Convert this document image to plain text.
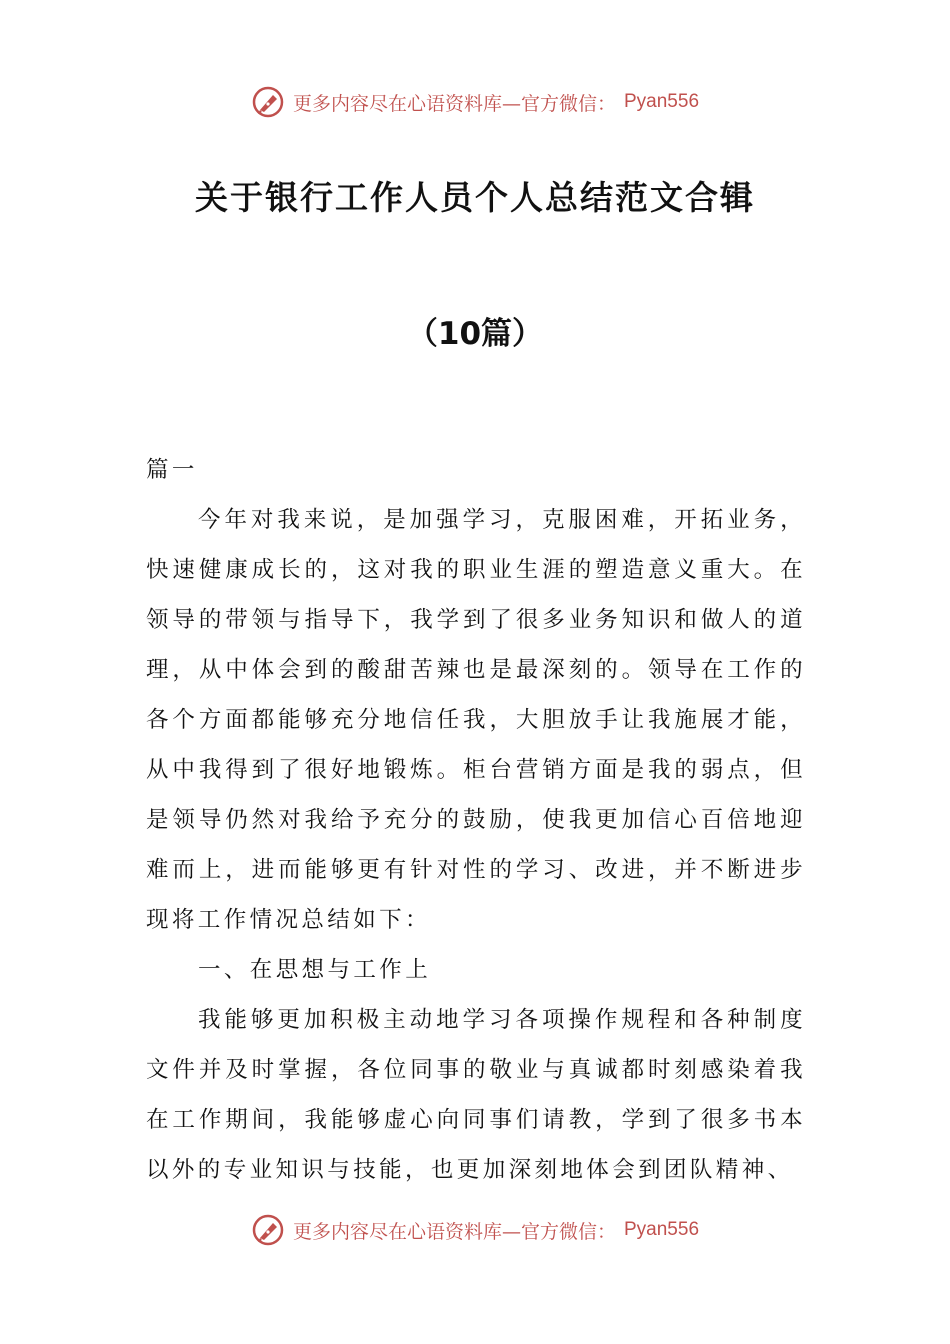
更多内容尽在心语资料库—官方微信： Pyan556
关于银行工作人员个人总结范文合辑
（10篇）

篇一

今年对我来说，是加强学习，克服困难，开拓业务，快速健康成长的，这对我的职业生涯的塑造意义重大。在领导的带领与指导下，我学到了很多业务知识和做人的道理，从中体会到的酸甜苦辣也是最深刻的。领导在工作的各个方面都能够充分地信任我，大胆放手让我施展才能，从中我得到了很好地锻炼。柜台营销方面是我的弱点，但是领导仍然对我给予充分的鼓励，使我更加信心百倍地迎难而上，进而能够更有针对性的学习、改进，并不断进步现将工作情况总结如下：

一、在思想与工作上

我能够更加积极主动地学习各项操作规程和各种制度文件并及时掌握，各位同事的敬业与真诚都时刻感染着我在工作期间，我能够虚心向同事们请教，学到了很多书本以外的专业知识与技能，也更加深刻地体会到团队精神、

更多内容尽在心语资料库—官方微信： Pyan556
